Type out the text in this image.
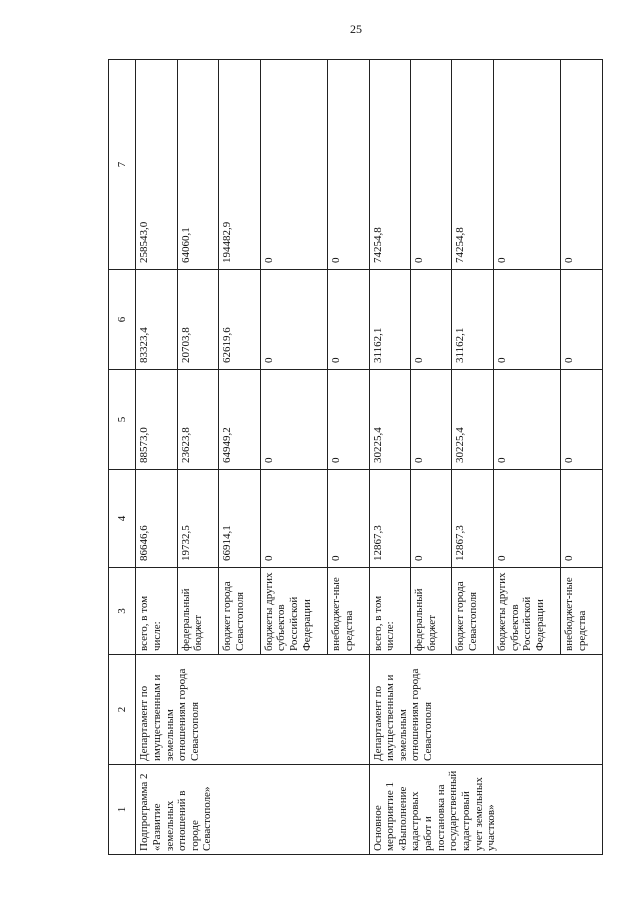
25
1	2	3	4	5	6	7
Подпрограмма 2 «Развитие земельных отношений в городе Севастополе»	Департамент по имущественным и земельным отношениям города Севастополя	всего, в том числе:	86646,6	88573,0	83323,4	258543,0
		федеральный бюджет	19732,5	23623,8	20703,8	64060,1
		бюджет города Севастополя	66914,1	64949,2	62619,6	194482,9
		бюджеты других субъектов Российской Федерации	0	0	0	0
		внебюджет-ные средства	0	0	0	0
Основное мероприятие 1 «Выполнение кадастровых работ и постановка на государственный кадастровый учет земельных участков»	Департамент по имущественным и земельным отношениям города Севастополя	всего, в том числе:	12867,3	30225,4	31162,1	74254,8
		федеральный бюджет	0	0	0	0
		бюджет города Севастополя	12867,3	30225,4	31162,1	74254,8
		бюджеты других субъектов Российской Федерации	0	0	0	0
		внебюджет-ные средства	0	0	0	0
